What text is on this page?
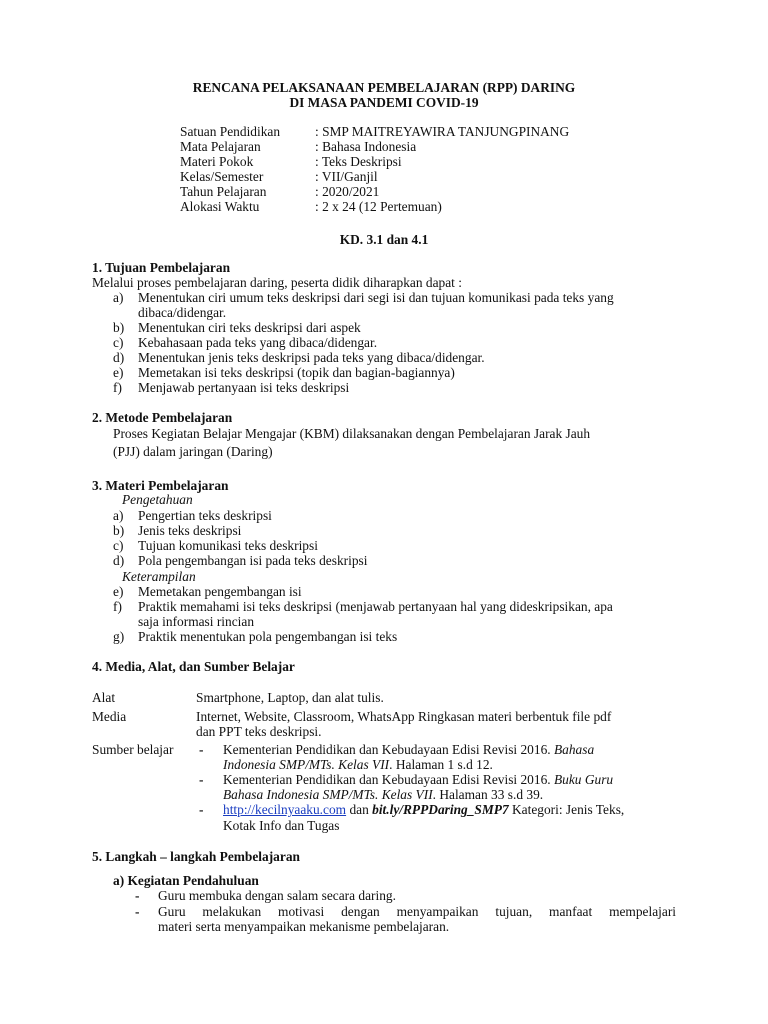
RENCANA PELAKSANAAN PEMBELAJARAN (RPP) DARING
DI MASA PANDEMI COVID-19
Satuan Pendidikan	: SMP MAITREYAWIRA TANJUNGPINANG
Mata Pelajaran	: Bahasa Indonesia
Materi Pokok	: Teks Deskripsi
Kelas/Semester	: VII/Ganjil
Tahun Pelajaran	: 2020/2021
Alokasi Waktu	: 2 x 24 (12 Pertemuan)
KD. 3.1 dan 4.1
1. Tujuan Pembelajaran
Melalui proses pembelajaran daring, peserta didik diharapkan dapat :
a) Menentukan ciri umum teks deskripsi dari segi isi dan tujuan komunikasi pada teks yang
dibaca/didengar.
b) Menentukan ciri teks deskripsi dari aspek
c) Kebahasaan pada teks yang dibaca/didengar.
d) Menentukan jenis teks deskripsi pada teks yang dibaca/didengar.
e) Memetakan isi teks deskripsi (topik dan bagian-bagiannya)
f) Menjawab pertanyaan isi teks deskripsi
2. Metode Pembelajaran
Proses Kegiatan Belajar Mengajar (KBM) dilaksanakan dengan Pembelajaran Jarak Jauh
(PJJ) dalam jaringan (Daring)
3. Materi Pembelajaran
Pengetahuan
a) Pengertian teks deskripsi
b) Jenis teks deskripsi
c) Tujuan komunikasi teks deskripsi
d) Pola pengembangan isi pada teks deskripsi
Keterampilan
e) Memetakan pengembangan isi
f) Praktik memahami isi teks deskripsi (menjawab pertanyaan hal yang dideskripsikan, apa
saja informasi rincian
g) Praktik menentukan pola pengembangan isi teks
4. Media, Alat, dan Sumber Belajar
Alat	Smartphone, Laptop, dan alat tulis.
Media	Internet, Website, Classroom, WhatsApp Ringkasan materi berbentuk file pdf
dan PPT teks deskripsi.
Sumber belajar - Kementerian Pendidikan dan Kebudayaan Edisi Revisi 2016. Bahasa
Indonesia SMP/MTs. Kelas VII. Halaman 1 s.d 12.
- Kementerian Pendidikan dan Kebudayaan Edisi Revisi 2016. Buku Guru
Bahasa Indonesia SMP/MTs. Kelas VII. Halaman 33 s.d 39.
- http://kecilnyaaku.com dan bit.ly/RPPDaring_SMP7 Kategori: Jenis Teks,
Kotak Info dan Tugas
5. Langkah – langkah Pembelajaran
a) Kegiatan Pendahuluan
- Guru membuka dengan salam secara daring.
- Guru melakukan motivasi dengan menyampaikan tujuan, manfaat mempelajari
materi serta menyampaikan mekanisme pembelajaran.
